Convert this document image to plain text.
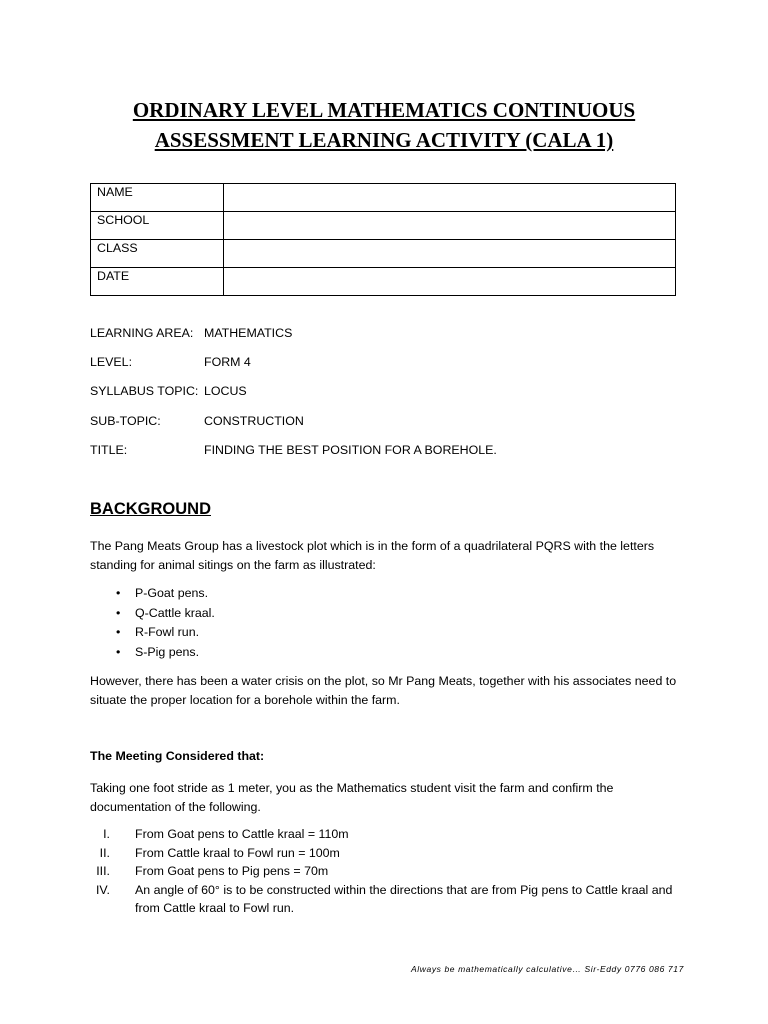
ORDINARY LEVEL MATHEMATICS CONTINUOUS
ASSESSMENT LEARNING ACTIVITY (CALA 1)
NAME	
SCHOOL	
CLASS	
DATE	
LEARNING AREA: MATHEMATICS
LEVEL:	FORM 4
SYLLABUS TOPIC: LOCUS
SUB-TOPIC:	CONSTRUCTION
TITLE:	FINDING THE BEST POSITION FOR A BOREHOLE.
BACKGROUND

The Pang Meats Group has a livestock plot which is in the form of a quadrilateral PQRS with the letters standing for animal sitings on the farm as illustrated:

• P-Goat pens.
• Q-Cattle kraal.
• R-Fowl run.
• S-Pig pens.

However, there has been a water crisis on the plot, so Mr Pang Meats, together with his associates need to situate the proper location for a borehole within the farm.

The Meeting Considered that:

Taking one foot stride as 1 meter, you as the Mathematics student visit the farm and confirm the documentation of the following.

I. From Goat pens to Cattle kraal = 110m
II. From Cattle kraal to Fowl run = 100m
III. From Goat pens to Pig pens = 70m
IV. An angle of 60° is to be constructed within the directions that are from Pig pens to Cattle kraal and from Cattle kraal to Fowl run.
Always be mathematically calculative… Sir-Eddy 0776 086 717
